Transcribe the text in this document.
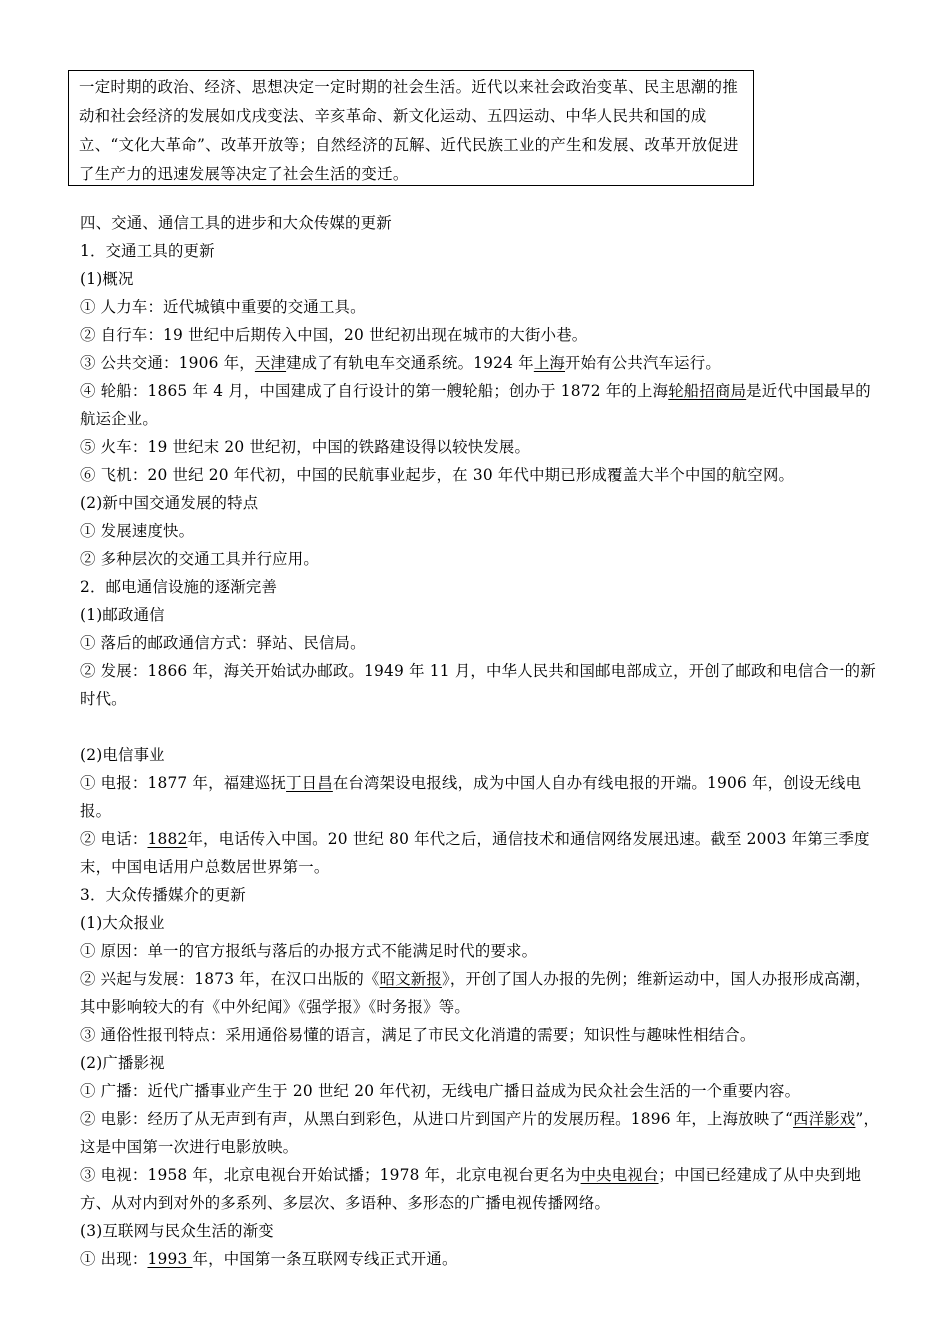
一定时期的政治、经济、思想决定一定时期的社会生活。近代以来社会政治变革、民主思潮的推动和社会经济的发展如戊戌变法、辛亥革命、新文化运动、五四运动、中华人民共和国的成立、“文化大革命”、改革开放等；自然经济的瓦解、近代民族工业的产生和发展、改革开放促进了生产力的迅速发展等决定了社会生活的变迁。
四、交通、通信工具的进步和大众传媒的更新
1．交通工具的更新
(1)概况
① 人力车：近代城镇中重要的交通工具。
② 自行车：19 世纪中后期传入中国，20 世纪初出现在城市的大街小巷。
③ 公共交通：1906 年，天津建成了有轨电车交通系统。1924 年上海开始有公共汽车运行。
④ 轮船：1865 年 4 月，中国建成了自行设计的第一艘轮船；创办于 1872 年的上海轮船招商局是近代中国最早的航运企业。
⑤ 火车：19 世纪末 20 世纪初，中国的铁路建设得以较快发展。
⑥ 飞机：20 世纪 20 年代初，中国的民航事业起步，在 30 年代中期已形成覆盖大半个中国的航空网。
(2)新中国交通发展的特点
① 发展速度快。
② 多种层次的交通工具并行应用。
2．邮电通信设施的逐渐完善
(1)邮政通信
① 落后的邮政通信方式：驿站、民信局。
② 发展：1866 年，海关开始试办邮政。1949 年 11 月，中华人民共和国邮电部成立，开创了邮政和电信合一的新时代。
(2)电信事业
① 电报：1877 年，福建巡抚丁日昌在台湾架设电报线，成为中国人自办有线电报的开端。1906 年，创设无线电报。
② 电话：1882年，电话传入中国。20 世纪 80 年代之后，通信技术和通信网络发展迅速。截至 2003 年第三季度末，中国电话用户总数居世界第一。
3．大众传播媒介的更新
(1)大众报业
① 原因：单一的官方报纸与落后的办报方式不能满足时代的要求。
② 兴起与发展：1873 年，在汉口出版的《昭文新报》，开创了国人办报的先例；维新运动中，国人办报形成高潮，其中影响较大的有《中外纪闻》《强学报》《时务报》等。
③ 通俗性报刊特点：采用通俗易懂的语言，满足了市民文化消遣的需要；知识性与趣味性相结合。
(2)广播影视
① 广播：近代广播事业产生于 20 世纪 20 年代初，无线电广播日益成为民众社会生活的一个重要内容。
② 电影：经历了从无声到有声，从黑白到彩色，从进口片到国产片的发展历程。1896 年，上海放映了“西洋影戏”，这是中国第一次进行电影放映。
③ 电视：1958 年，北京电视台开始试播；1978 年，北京电视台更名为中央电视台；中国已经建成了从中央到地方、从对内到对外的多系列、多层次、多语种、多形态的广播电视传播网络。
(3)互联网与民众生活的渐变
① 出现：1993 年，中国第一条互联网专线正式开通。
